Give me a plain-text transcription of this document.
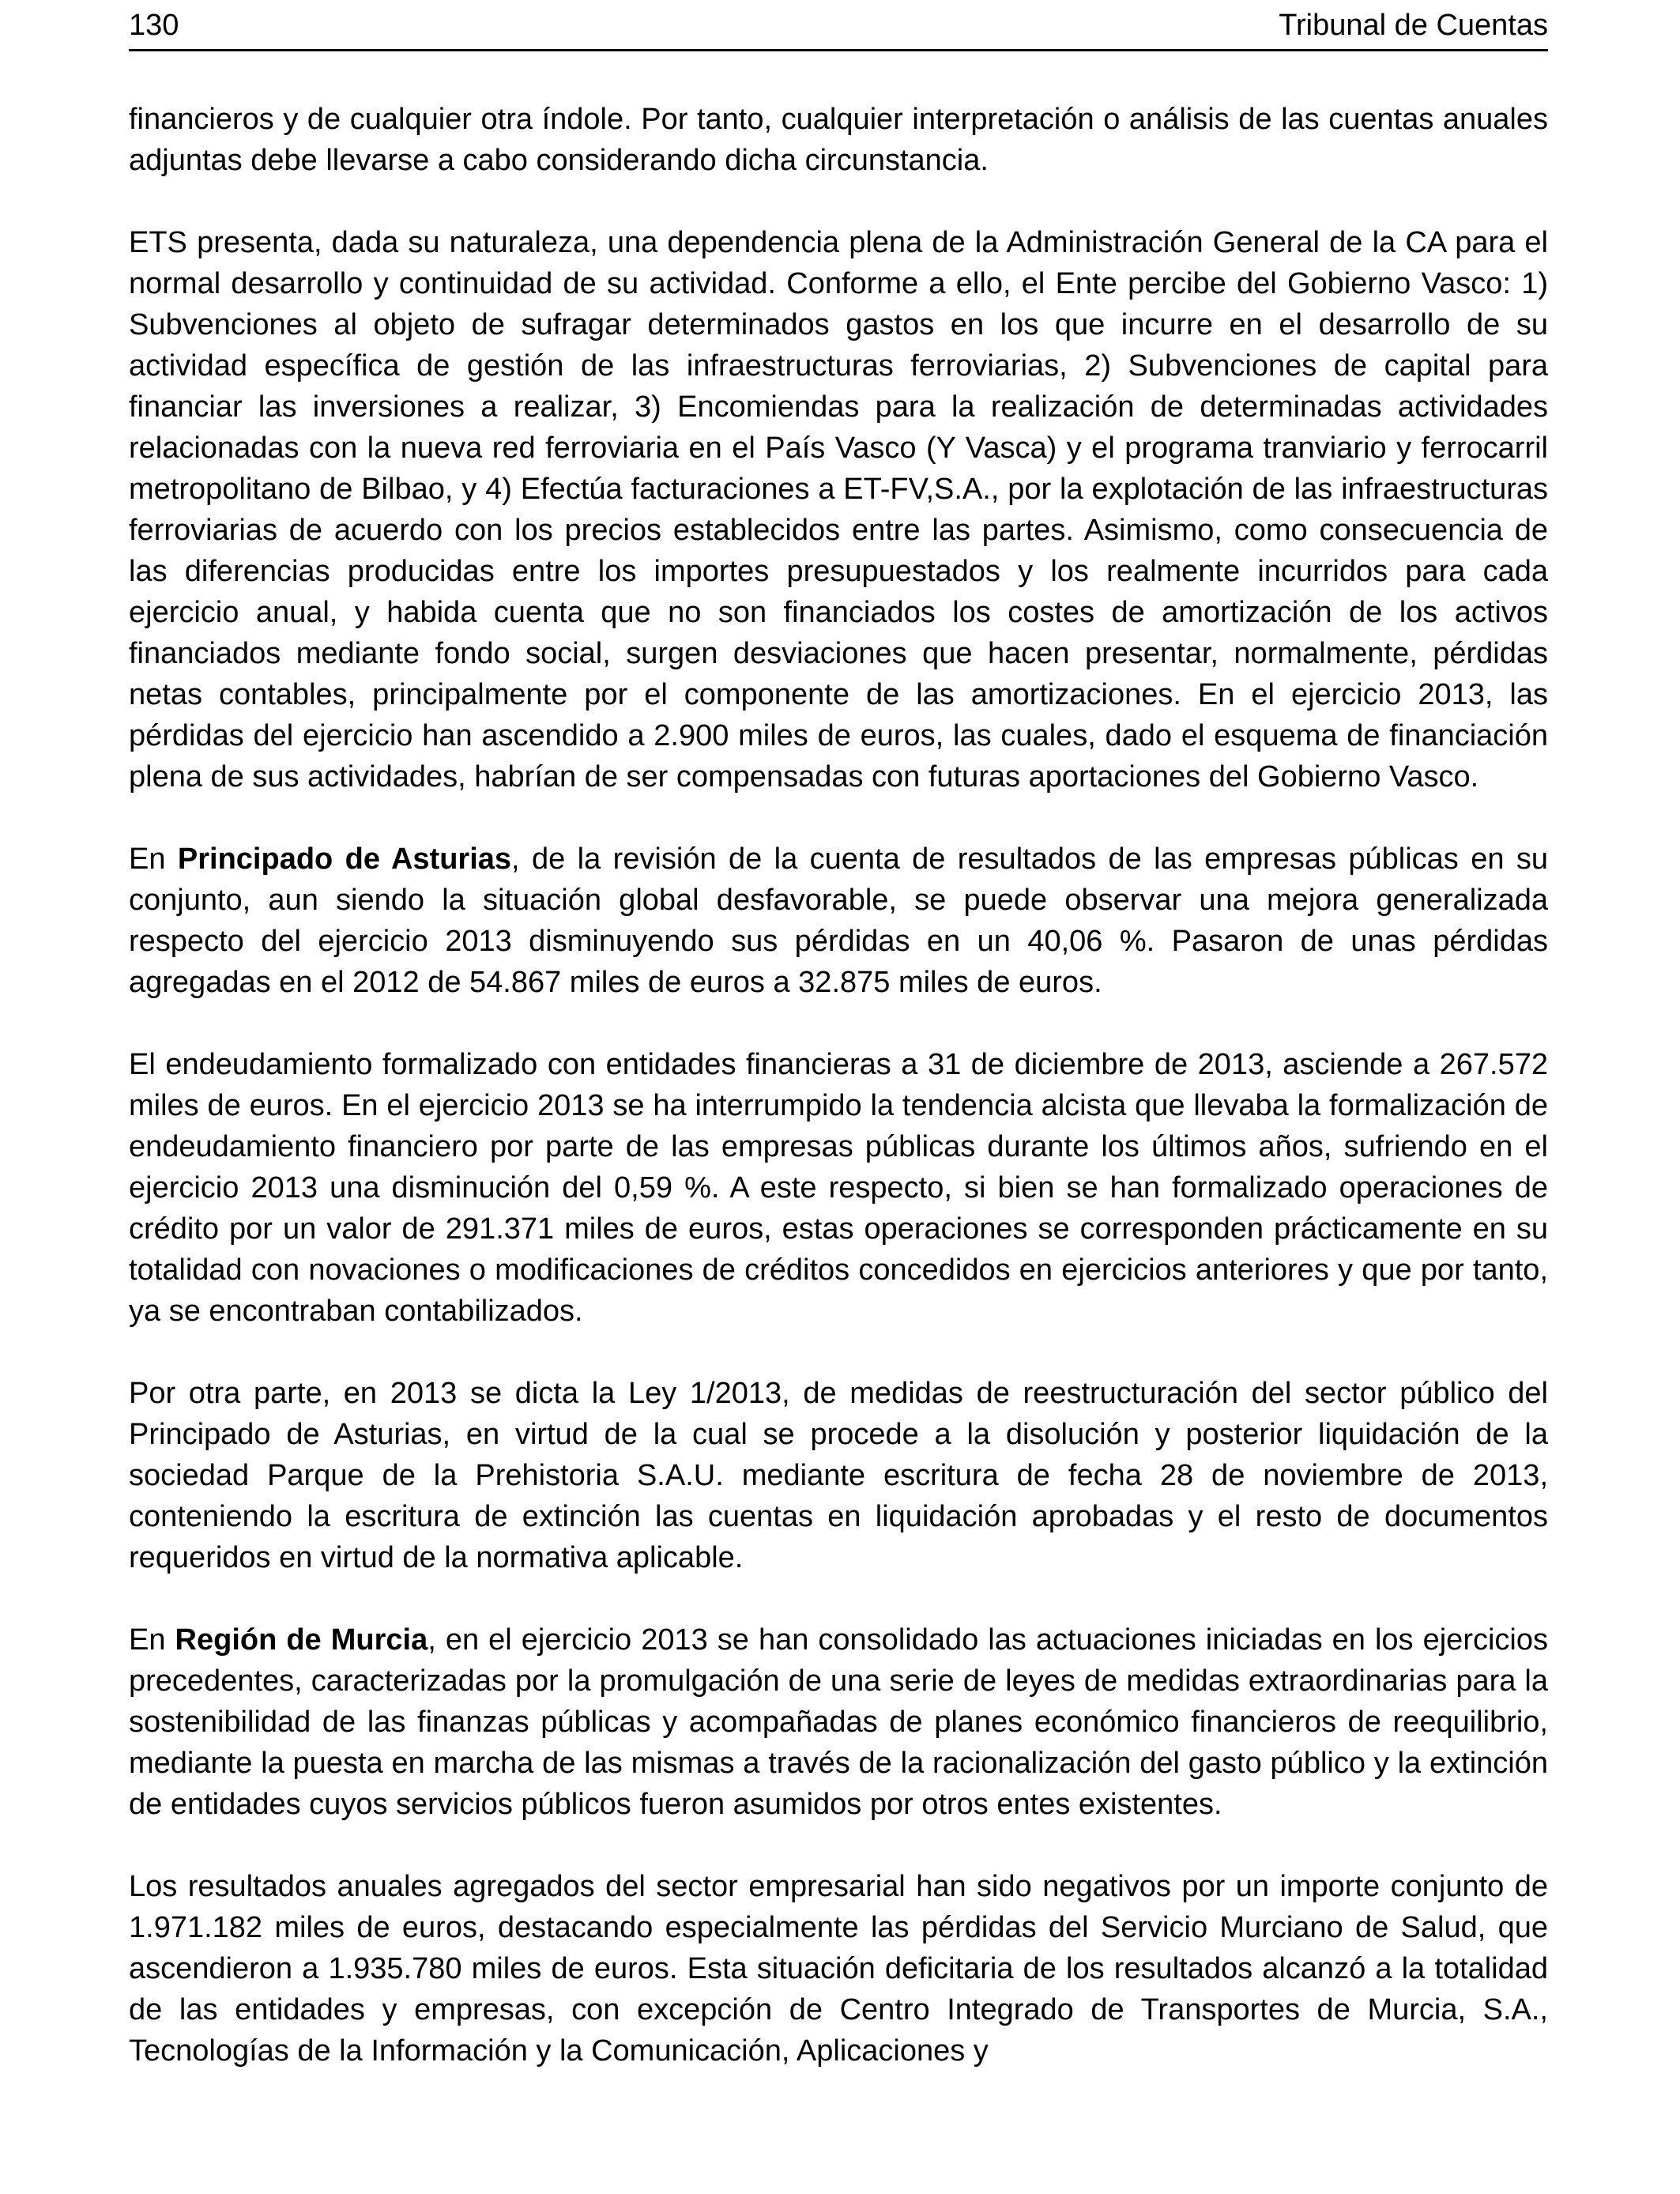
130	Tribunal de Cuentas

financieros y de cualquier otra índole. Por tanto, cualquier interpretación o análisis de las cuentas anuales adjuntas debe llevarse a cabo considerando dicha circunstancia.

ETS presenta, dada su naturaleza, una dependencia plena de la Administración General de la CA para el normal desarrollo y continuidad de su actividad. Conforme a ello, el Ente percibe del Gobierno Vasco: 1) Subvenciones al objeto de sufragar determinados gastos en los que incurre en el desarrollo de su actividad específica de gestión de las infraestructuras ferroviarias, 2) Subvenciones de capital para financiar las inversiones a realizar, 3) Encomiendas para la realización de determinadas actividades relacionadas con la nueva red ferroviaria en el País Vasco (Y Vasca) y el programa tranviario y ferrocarril metropolitano de Bilbao, y 4) Efectúa facturaciones a ET-FV,S.A., por la explotación de las infraestructuras ferroviarias de acuerdo con los precios establecidos entre las partes. Asimismo, como consecuencia de las diferencias producidas entre los importes presupuestados y los realmente incurridos para cada ejercicio anual, y habida cuenta que no son financiados los costes de amortización de los activos financiados mediante fondo social, surgen desviaciones que hacen presentar, normalmente, pérdidas netas contables, principalmente por el componente de las amortizaciones. En el ejercicio 2013, las pérdidas del ejercicio han ascendido a 2.900 miles de euros, las cuales, dado el esquema de financiación plena de sus actividades, habrían de ser compensadas con futuras aportaciones del Gobierno Vasco.

En Principado de Asturias, de la revisión de la cuenta de resultados de las empresas públicas en su conjunto, aun siendo la situación global desfavorable, se puede observar una mejora generalizada respecto del ejercicio 2013 disminuyendo sus pérdidas en un 40,06 %. Pasaron de unas pérdidas agregadas en el 2012 de 54.867 miles de euros a 32.875 miles de euros.

El endeudamiento formalizado con entidades financieras a 31 de diciembre de 2013, asciende a 267.572 miles de euros. En el ejercicio 2013 se ha interrumpido la tendencia alcista que llevaba la formalización de endeudamiento financiero por parte de las empresas públicas durante los últimos años, sufriendo en el ejercicio 2013 una disminución del 0,59 %. A este respecto, si bien se han formalizado operaciones de crédito por un valor de 291.371 miles de euros, estas operaciones se corresponden prácticamente en su totalidad con novaciones o modificaciones de créditos concedidos en ejercicios anteriores y que por tanto, ya se encontraban contabilizados.

Por otra parte, en 2013 se dicta la Ley 1/2013, de medidas de reestructuración del sector público del Principado de Asturias, en virtud de la cual se procede a la disolución y posterior liquidación de la sociedad Parque de la Prehistoria S.A.U. mediante escritura de fecha 28 de noviembre de 2013, conteniendo la escritura de extinción las cuentas en liquidación aprobadas y el resto de documentos requeridos en virtud de la normativa aplicable.

En Región de Murcia, en el ejercicio 2013 se han consolidado las actuaciones iniciadas en los ejercicios precedentes, caracterizadas por la promulgación de una serie de leyes de medidas extraordinarias para la sostenibilidad de las finanzas públicas y acompañadas de planes económico financieros de reequilibrio, mediante la puesta en marcha de las mismas a través de la racionalización del gasto público y la extinción de entidades cuyos servicios públicos fueron asumidos por otros entes existentes.

Los resultados anuales agregados del sector empresarial han sido negativos por un importe conjunto de 1.971.182 miles de euros, destacando especialmente las pérdidas del Servicio Murciano de Salud, que ascendieron a 1.935.780 miles de euros. Esta situación deficitaria de los resultados alcanzó a la totalidad de las entidades y empresas, con excepción de Centro Integrado de Transportes de Murcia, S.A., Tecnologías de la Información y la Comunicación, Aplicaciones y
